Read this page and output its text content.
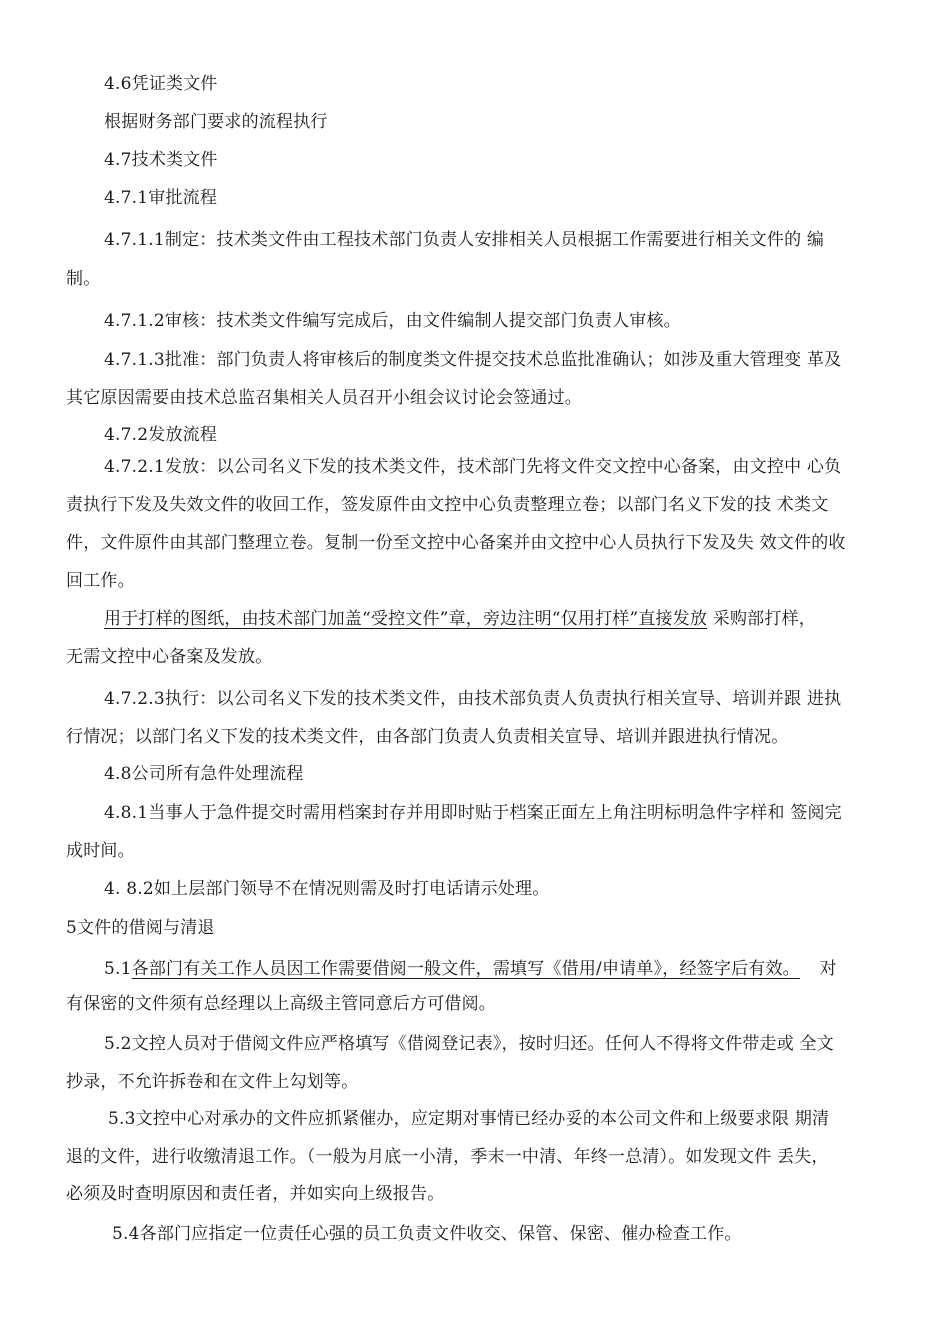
4.6凭证类文件
根据财务部门要求的流程执行
4.7技术类文件
4.7.1审批流程
4.7.1.1制定：技术类文件由工程技术部门负责人安排相关人员根据工作需要进行相关文件的 编
制。
4.7.1.2审核：技术类文件编写完成后，由文件编制人提交部门负责人审核。
4.7.1.3批准：部门负责人将审核后的制度类文件提交技术总监批准确认；如涉及重大管理变 革及
其它原因需要由技术总监召集相关人员召开小组会议讨论会签通过。
4.7.2发放流程
4.7.2.1发放：以公司名义下发的技术类文件，技术部门先将文件交文控中心备案，由文控中 心负
责执行下发及失效文件的收回工作，签发原件由文控中心负责整理立卷；以部门名义下发的技 术类文
件，文件原件由其部门整理立卷。复制一份至文控中心备案并由文控中心人员执行下发及失 效文件的收
回工作。
用于打样的图纸，由技术部门加盖“受控文件”章，旁边注明“仅用打样”直接发放 采购部打样，
无需文控中心备案及发放。
4.7.2.3执行：以公司名义下发的技术类文件，由技术部负责人负责执行相关宣导、培训并跟 进执
行情况；以部门名义下发的技术类文件，由各部门负责人负责相关宣导、培训并跟进执行情况。
4.8公司所有急件处理流程
4.8.1当事人于急件提交时需用档案封存并用即时贴于档案正面左上角注明标明急件字样和 签阅完
成时间。
4. 8.2如上层部门领导不在情况则需及时打电话请示处理。
5文件的借阅与清退
5.1各部门有关工作人员因工作需要借阅一般文件，需填写《借用/申请单》，经签字后有效。 对
有保密的文件须有总经理以上高级主管同意后方可借阅。
5.2文控人员对于借阅文件应严格填写《借阅登记表》，按时归还。任何人不得将文件带走或 全文
抄录，不允许拆卷和在文件上勾划等。
5.3文控中心对承办的文件应抓紧催办，应定期对事情已经办妥的本公司文件和上级要求限 期清
退的文件，进行收缴清退工作。（一般为月底一小清，季末一中清、年终一总清）。如发现文件 丢失，
必须及时查明原因和责任者，并如实向上级报告。
5.4各部门应指定一位责任心强的员工负责文件收交、保管、保密、催办检查工作。
